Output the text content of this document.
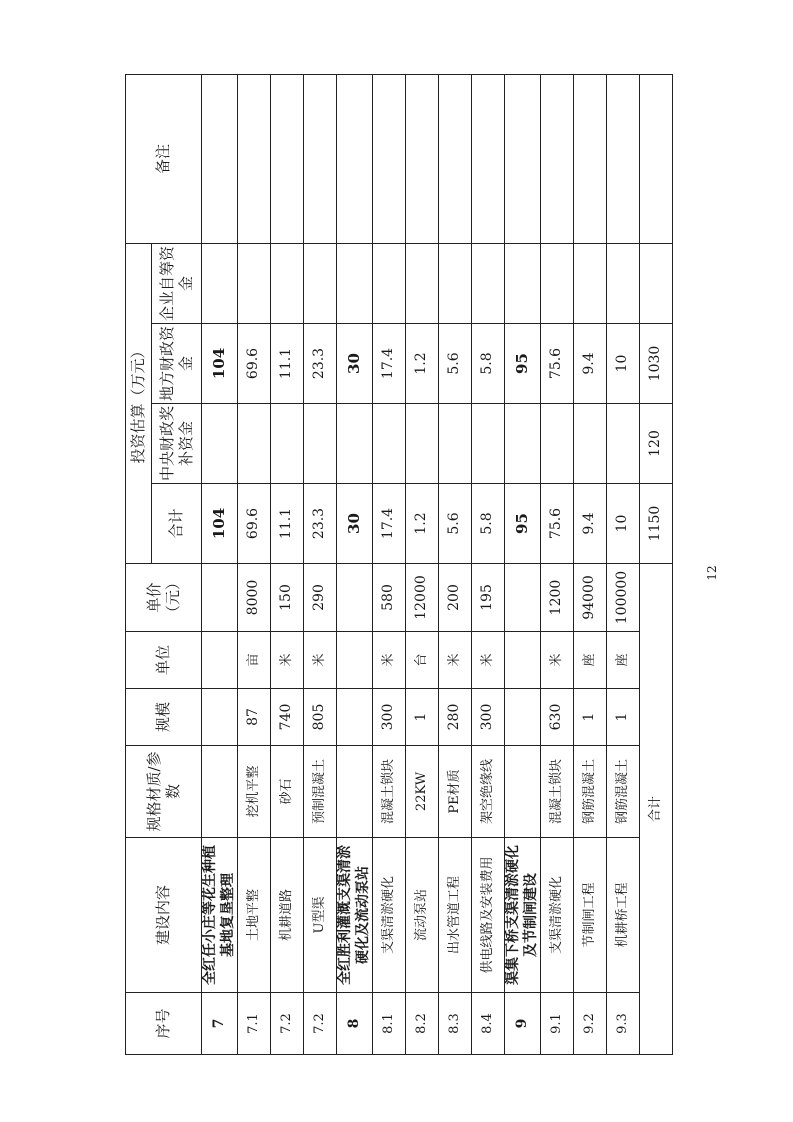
序号	建设内容	规格材质/参数	规模	单位	单价（元）	投资估算（万元）				备注
						合计	中央财政奖补资金	地方财政资金	企业自筹资金	
7	全红任小庄等花生种植基地复垦整理					104		104		
7.1	土地平整	挖机平整	87	亩	8000	69.6		69.6		
7.2	机耕道路	砂石	740	米	150	11.1		11.1		
7.2	U型渠	预制混凝土	805	米	290	23.3		23.3		
8	全红胜利灌溉支渠清淤硬化及流动泵站					30		30		
8.1	支渠清淤硬化	混凝土锁块	300	米	580	17.4		17.4		
8.2	流动泵站	22KW	1	台	12000	1.2		1.2		
8.3	出水管道工程	PE材质	280	米	200	5.6		5.6		
8.4	供电线路及安装费用	架空绝缘线	300	米	195	5.8		5.8		
9	渠集下桥支渠清淤硬化及节制闸建设					95		95		
9.1	支渠清淤硬化	混凝土锁块	630	米	1200	75.6		75.6		
9.2	节制闸工程	钢筋混凝土	1	座	94000	9.4		9.4		
9.3	机耕桥工程	钢筋混凝土	1	座	100000	10		10		
合计						1150	120	1030		
12
